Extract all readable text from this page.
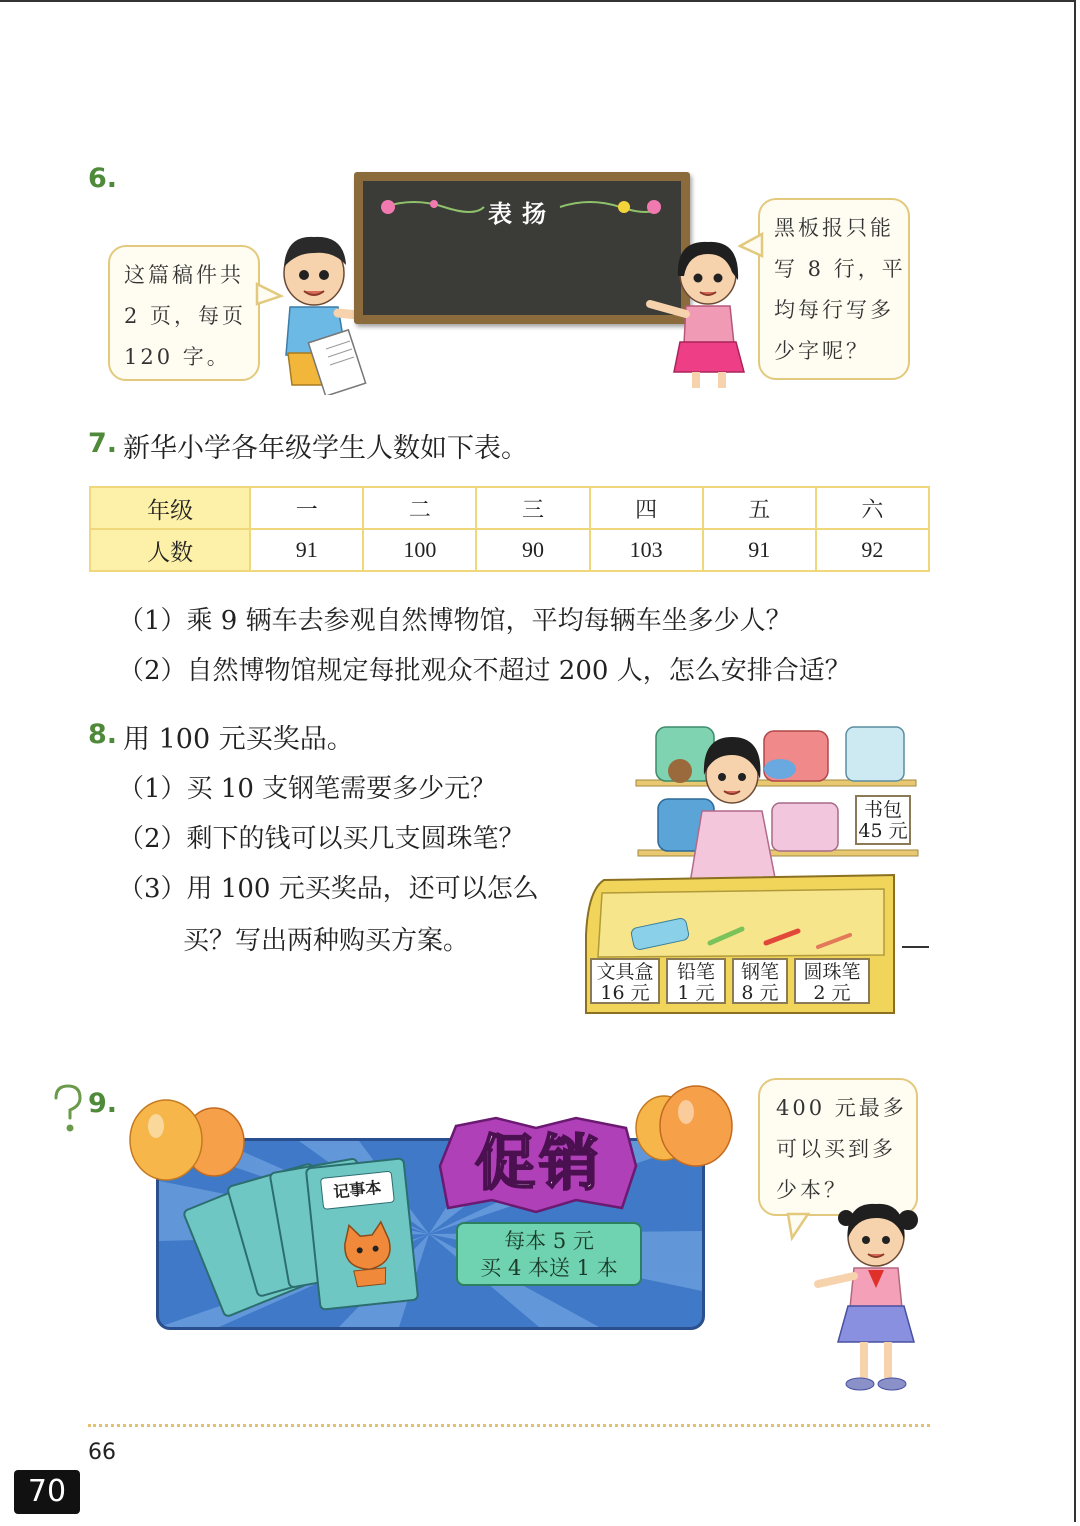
6.
这篇稿件共
2 页，每页
120 字。
表扬	黑板报只能
写 8 行，平
均每行写多
少字呢？
7. 新华小学各年级学生人数如下表。
年级	一	二	三	四	五	六
人数	91	100	90	103	91	92
（1）乘 9 辆车去参观自然博物馆，平均每辆车坐多少人？
（2）自然博物馆规定每批观众不超过 200 人，怎么安排合适？
8. 用 100 元买奖品。
（1）买 10 支钢笔需要多少元？
（2）剩下的钱可以买几支圆珠笔？
（3）用 100 元买奖品，还可以怎么
买？写出两种购买方案。
书包
45 元
文具盒
16 元
铅笔
1 元
钢笔
8 元
圆珠笔
2 元
9.
记事本	促销
每本 5 元
买 4 本送 1 本
400 元最多
可以买到多
少本？
66
70
